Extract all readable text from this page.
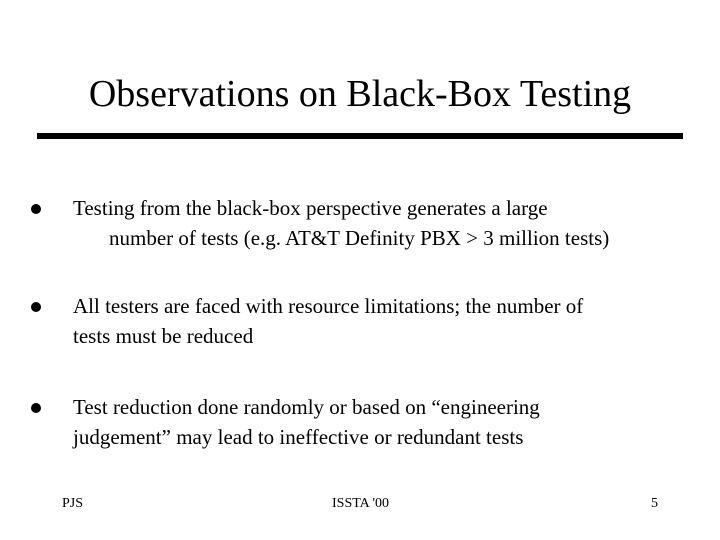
Observations on Black-Box Testing
Testing from the black-box perspective generates a large
number of tests (e.g. AT&T Definity PBX > 3 million tests)
All testers are faced with resource limitations; the number of
tests must be reduced
Test reduction done randomly or based on “engineering
judgement” may lead to ineffective or redundant tests
PJS	ISSTA '00	5
